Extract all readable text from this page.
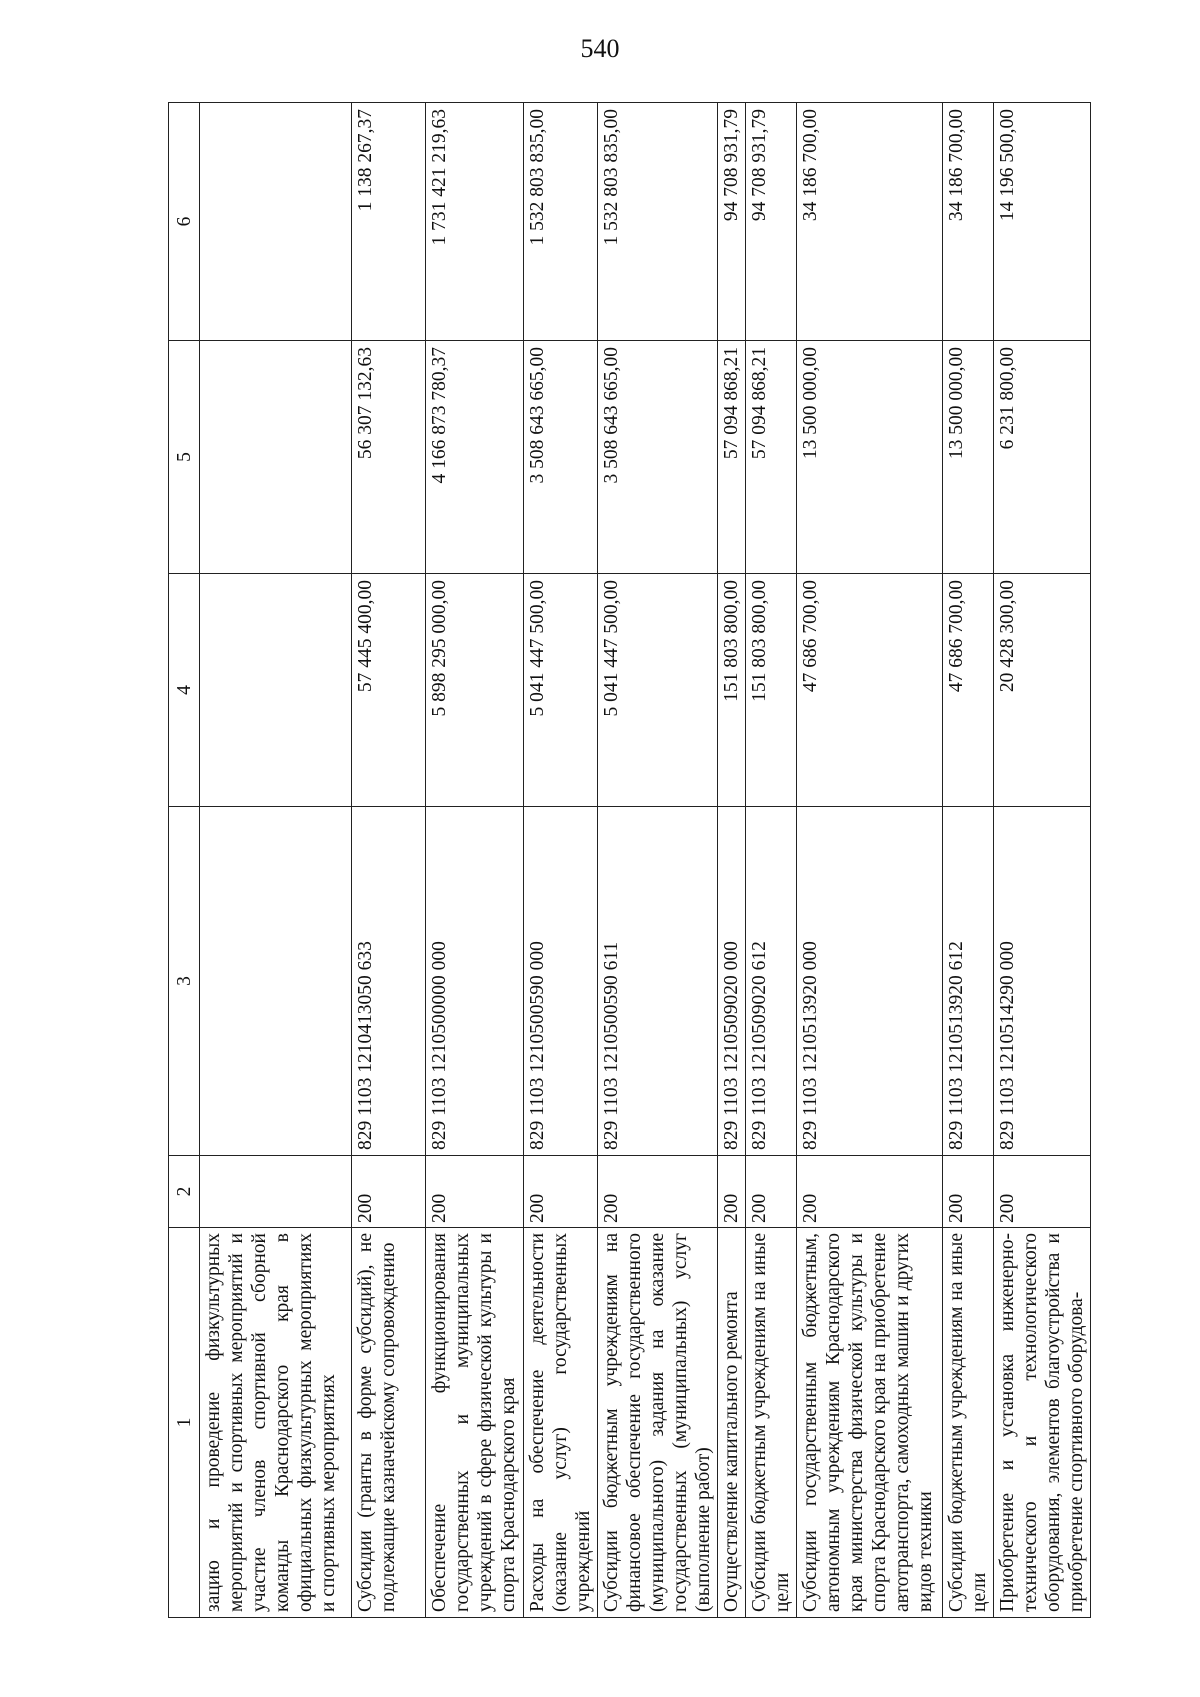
540
1	2	3	4	5	6
зацию и проведение физкультурных мероприятий и спортивных мероприятий и участие членов спортивной сборной команды Краснодарского края в официальных физкультурных мероприятиях и спортивных мероприятиях					
Субсидии (гранты в форме субсидий), не подлежащие казначейскому сопровождению	200	829 1103 1210413050 633	57 445 400,00	56 307 132,63	1 138 267,37
Обеспечение функционирования государственных и муниципальных учреждений в сфере физической культуры и спорта Краснодарского края	200	829 1103 1210500000 000	5 898 295 000,00	4 166 873 780,37	1 731 421 219,63
Расходы на обеспечение деятельности (оказание услуг) государственных учреждений	200	829 1103 1210500590 000	5 041 447 500,00	3 508 643 665,00	1 532 803 835,00
Субсидии бюджетным учреждениям на финансовое обеспечение государственного (муниципального) задания на оказание государственных (муниципальных) услуг (выполнение работ)	200	829 1103 1210500590 611	5 041 447 500,00	3 508 643 665,00	1 532 803 835,00
Осуществление капитального ремонта	200	829 1103 1210509020 000	151 803 800,00	57 094 868,21	94 708 931,79
Субсидии бюджетным учреждениям на иные цели	200	829 1103 1210509020 612	151 803 800,00	57 094 868,21	94 708 931,79
Субсидии государственным бюджетным, автономным учреждениям Краснодарского края министерства физической культуры и спорта Краснодарского края на приобретение автотранспорта, самоходных машин и других видов техники	200	829 1103 1210513920 000	47 686 700,00	13 500 000,00	34 186 700,00
Субсидии бюджетным учреждениям на иные цели	200	829 1103 1210513920 612	47 686 700,00	13 500 000,00	34 186 700,00
Приобретение и установка инженерно-технического и технологического оборудования, элементов благоустройства и приобретение спортивного оборудова-	200	829 1103 1210514290 000	20 428 300,00	6 231 800,00	14 196 500,00
